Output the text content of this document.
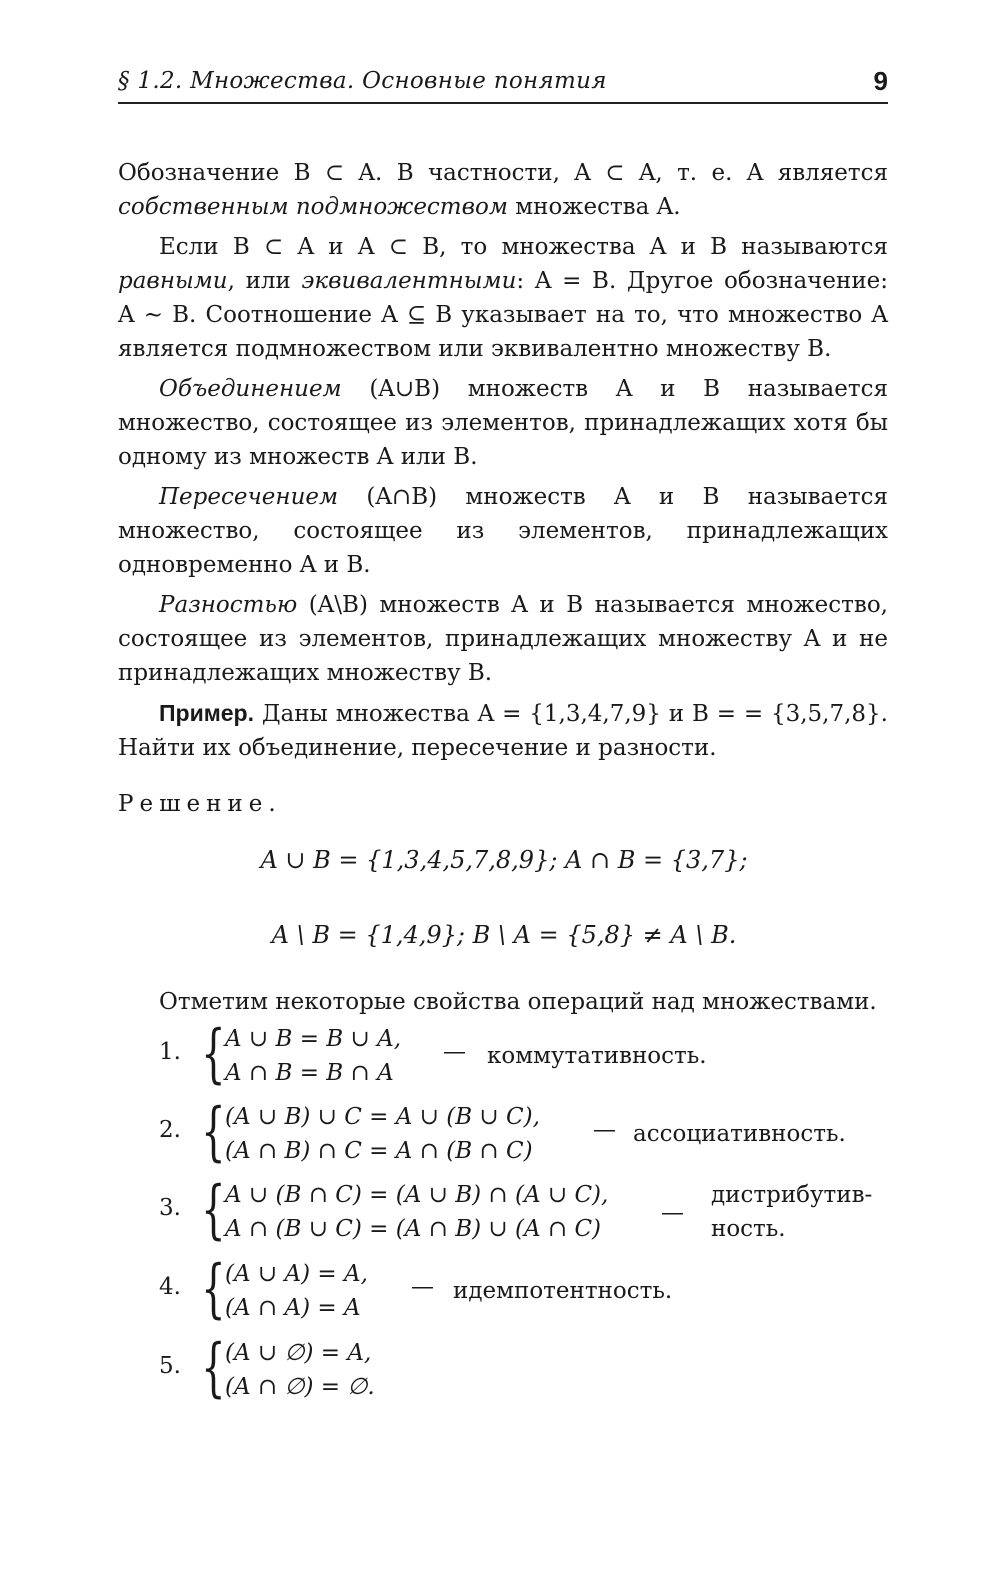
§ 1.2. Множества. Основные понятия	9

Обозначение B ⊂ A. В частности, A ⊂ A, т. е. A является собственным подмножеством множества A.

Если B ⊂ A и A ⊂ B, то множества A и B называются равными, или эквивалентными: A = B. Другое обозначение: A ∼ B. Соотношение A ⊆ B указывает на то, что множество A является подмножеством или эквивалентно множеству B.

Объединением (A∪B) множеств A и B называется множество, состоящее из элементов, принадлежащих хотя бы одному из множеств A или B.

Пересечением (A∩B) множеств A и B называется множество, состоящее из элементов, принадлежащих одновременно A и B.

Разностью (A\B) множеств A и B называется множество, состоящее из элементов, принадлежащих множеству A и не принадлежащих множеству B.

Пример. Даны множества A = {1,3,4,7,9} и B = = {3,5,7,8}. Найти их объединение, пересечение и разности.

Решение.

A ∪ B = {1,3,4,5,7,8,9}; A ∩ B = {3,7};
A \ B = {1,4,9}; B \ A = {5,8} ≠ A \ B.
Отметим некоторые свойства операций над множествами.
1. { A ∪ B = B ∪ A,
A ∩ B = B ∩ A
— коммутативность.
2. { (A ∪ B) ∪ C = A ∪ (B ∪ C),
(A ∩ B) ∩ C = A ∩ (B ∩ C)
— ассоциативность.
3. { A ∪ (B ∩ C) = (A ∪ B) ∩ (A ∪ C),
A ∩ (B ∪ C) = (A ∩ B) ∪ (A ∩ C)
—
дистрибутив-
ность.
4. { (A ∪ A) = A,
(A ∩ A) = A
— идемпотентность.
5. { (A ∪ ∅) = A,
(A ∩ ∅) = ∅.
